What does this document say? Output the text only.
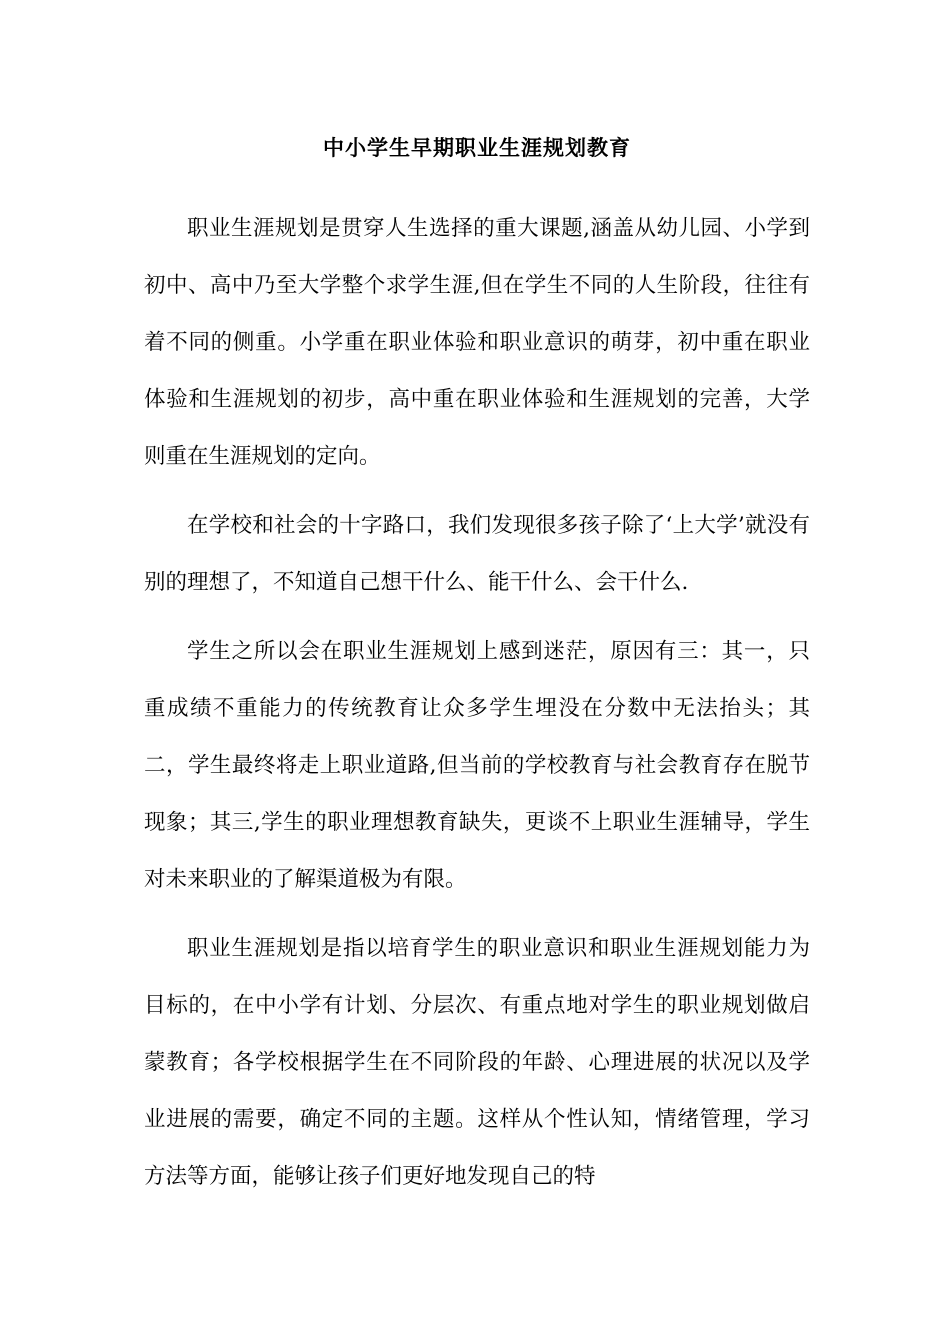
中小学生早期职业生涯规划教育

职业生涯规划是贯穿人生选择的重大课题,涵盖从幼儿园、小学到初中、高中乃至大学整个求学生涯,但在学生不同的人生阶段，往往有着不同的侧重。小学重在职业体验和职业意识的萌芽，初中重在职业体验和生涯规划的初步，高中重在职业体验和生涯规划的完善，大学则重在生涯规划的定向。

在学校和社会的十字路口，我们发现很多孩子除了‘上大学’就没有别的理想了，不知道自己想干什么、能干什么、会干什么.

学生之所以会在职业生涯规划上感到迷茫，原因有三：其一，只重成绩不重能力的传统教育让众多学生埋没在分数中无法抬头；其二，学生最终将走上职业道路,但当前的学校教育与社会教育存在脱节现象；其三,学生的职业理想教育缺失，更谈不上职业生涯辅导，学生对未来职业的了解渠道极为有限。

职业生涯规划是指以培育学生的职业意识和职业生涯规划能力为目标的，在中小学有计划、分层次、有重点地对学生的职业规划做启蒙教育；各学校根据学生在不同阶段的年龄、心理进展的状况以及学业进展的需要，确定不同的主题。这样从个性认知，情绪管理，学习方法等方面，能够让孩子们更好地发现自己的特
